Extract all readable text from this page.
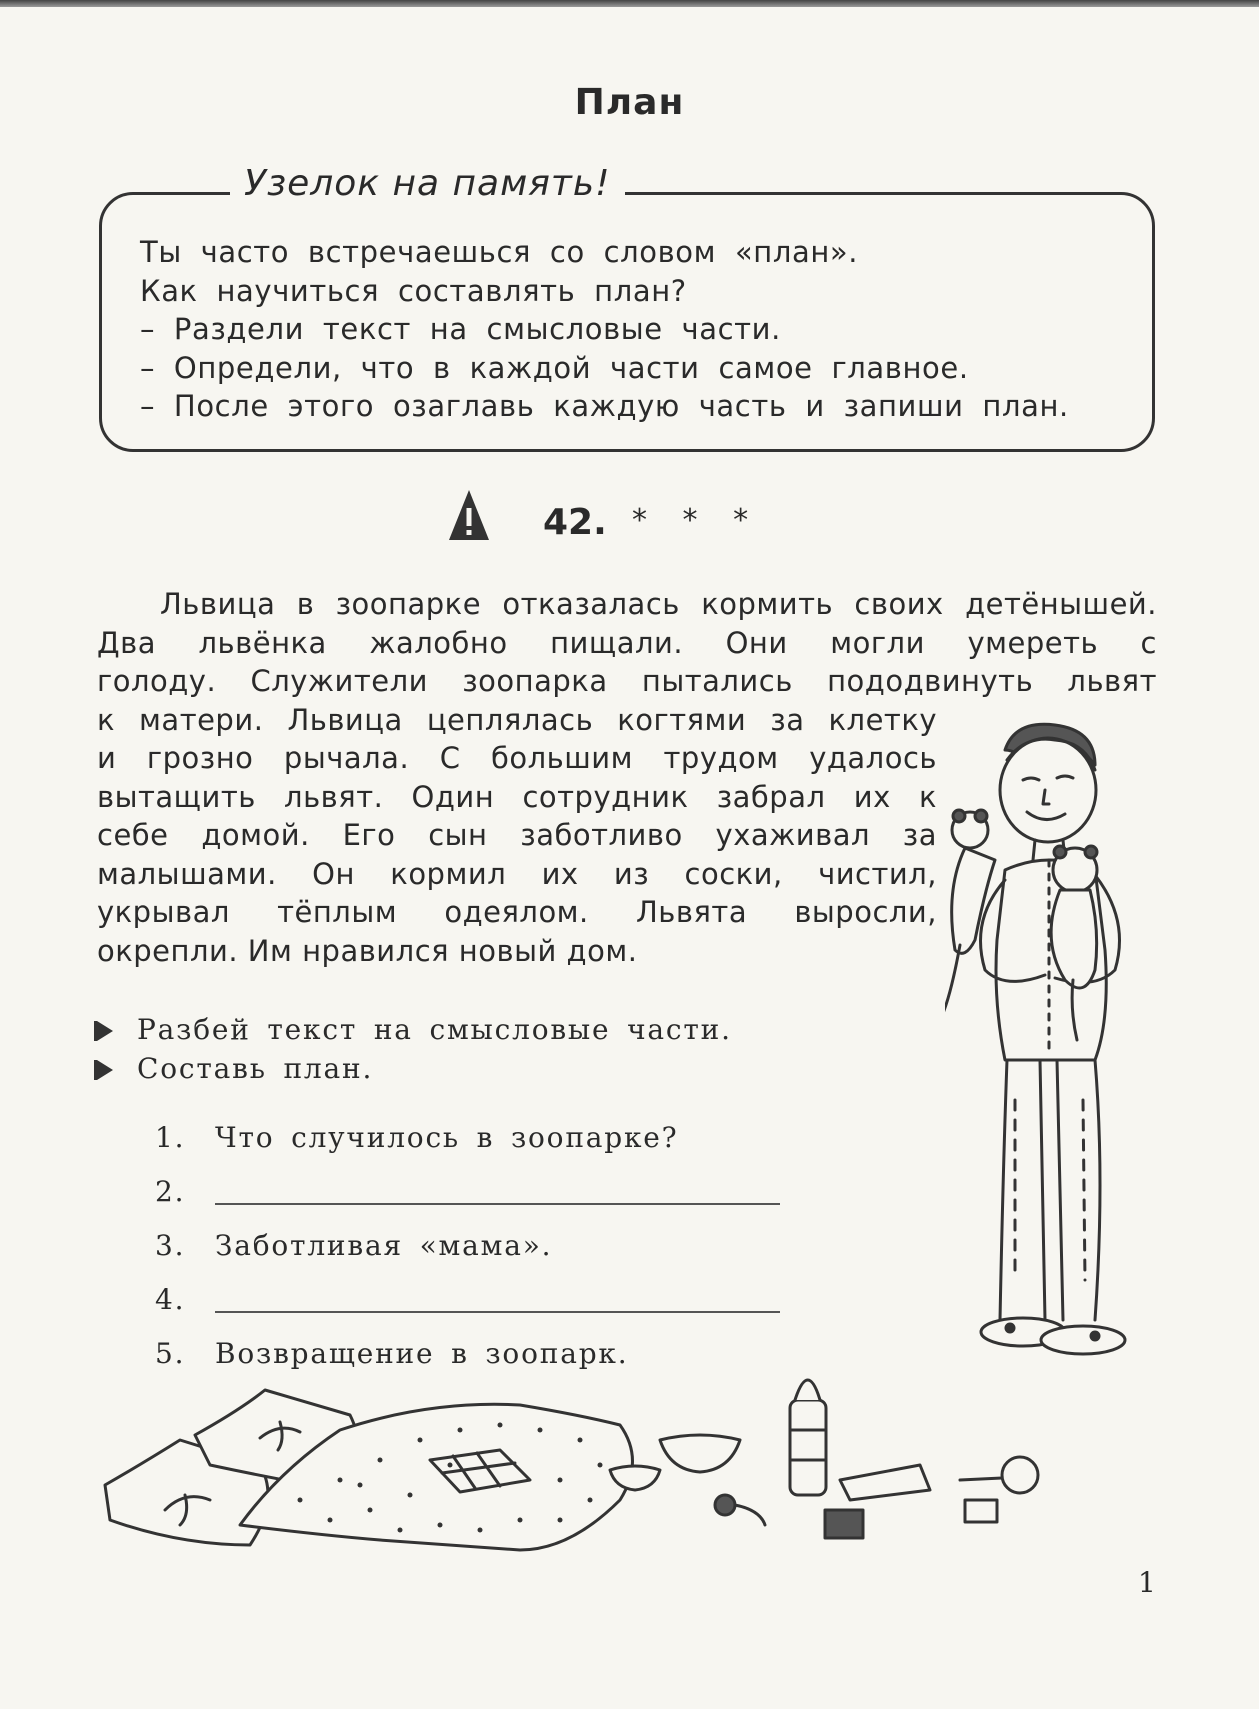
План
Узелок на память!
Ты часто встречаешься со словом «план».
Как научиться составлять план?
– Раздели текст на смысловые части.
– Определи, что в каждой части самое главное.
– После этого озаглавь каждую часть и запиши план.
42. * * *
Львица в зоопарке отказалась кормить своих детёнышей.
Два львёнка жалобно пищали. Они могли умереть с
голоду. Служители зоопарка пытались пододвинуть львят
к матери. Львица цеплялась когтями за клетку
и грозно рычала. С большим трудом удалось
вытащить львят. Один сотрудник забрал их к
себе домой. Его сын заботливо ухаживал за
малышами. Он кормил их из соски, чистил,
укрывал тёплым одеялом. Львята выросли,
окрепли. Им нравился новый дом.
Разбей текст на смысловые части.
Составь план.
1. Что случилось в зоопарке?
2.
3. Заботливая «мама».
4.
5. Возвращение в зоопарк.
1
